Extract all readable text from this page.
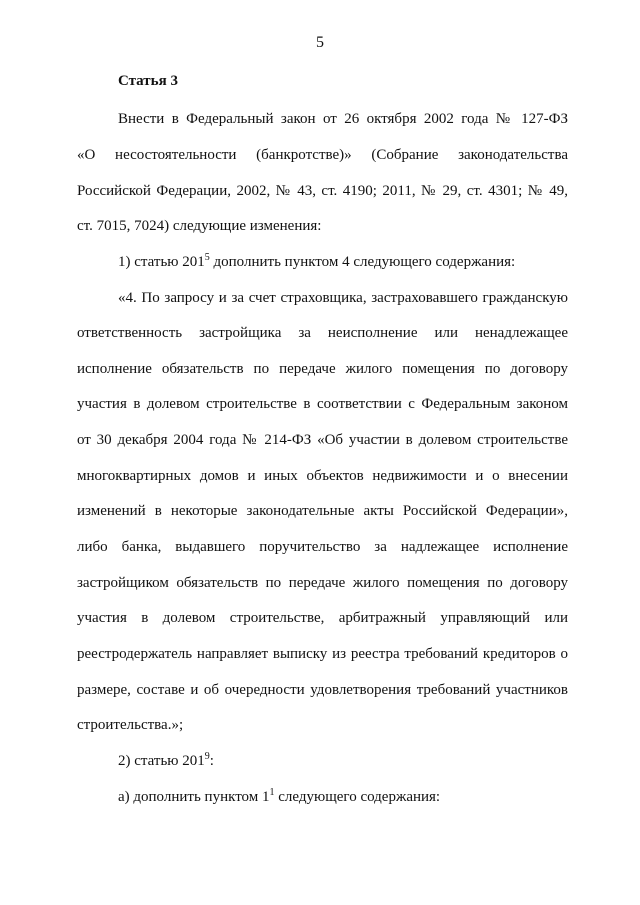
5
Статья 3
Внести в Федеральный закон от 26 октября 2002 года № 127-ФЗ
«О несостоятельности (банкротстве)» (Собрание законодательства
Российской Федерации, 2002, № 43, ст. 4190; 2011, № 29, ст. 4301; № 49,
ст. 7015, 7024) следующие изменения:
1) статью $201^5$ дополнить пунктом 4 следующего содержания:
«4. По запросу и за счет страховщика, застраховавшего гражданскую
ответственность застройщика за неисполнение или ненадлежащее
исполнение обязательств по передаче жилого помещения по договору
участия в долевом строительстве в соответствии с Федеральным законом
от 30 декабря 2004 года № 214-ФЗ «Об участии в долевом строительстве
многоквартирных домов и иных объектов недвижимости и о внесении
изменений в некоторые законодательные акты Российской Федерации»,
либо банка, выдавшего поручительство за надлежащее исполнение
застройщиком обязательств по передаче жилого помещения по договору
участия в долевом строительстве, арбитражный управляющий или
реестродержатель направляет выписку из реестра требований кредиторов о
размере, составе и об очередности удовлетворения требований участников
строительства.»;
2) статью $201^9$:
а) дополнить пунктом $1^1$ следующего содержания:
